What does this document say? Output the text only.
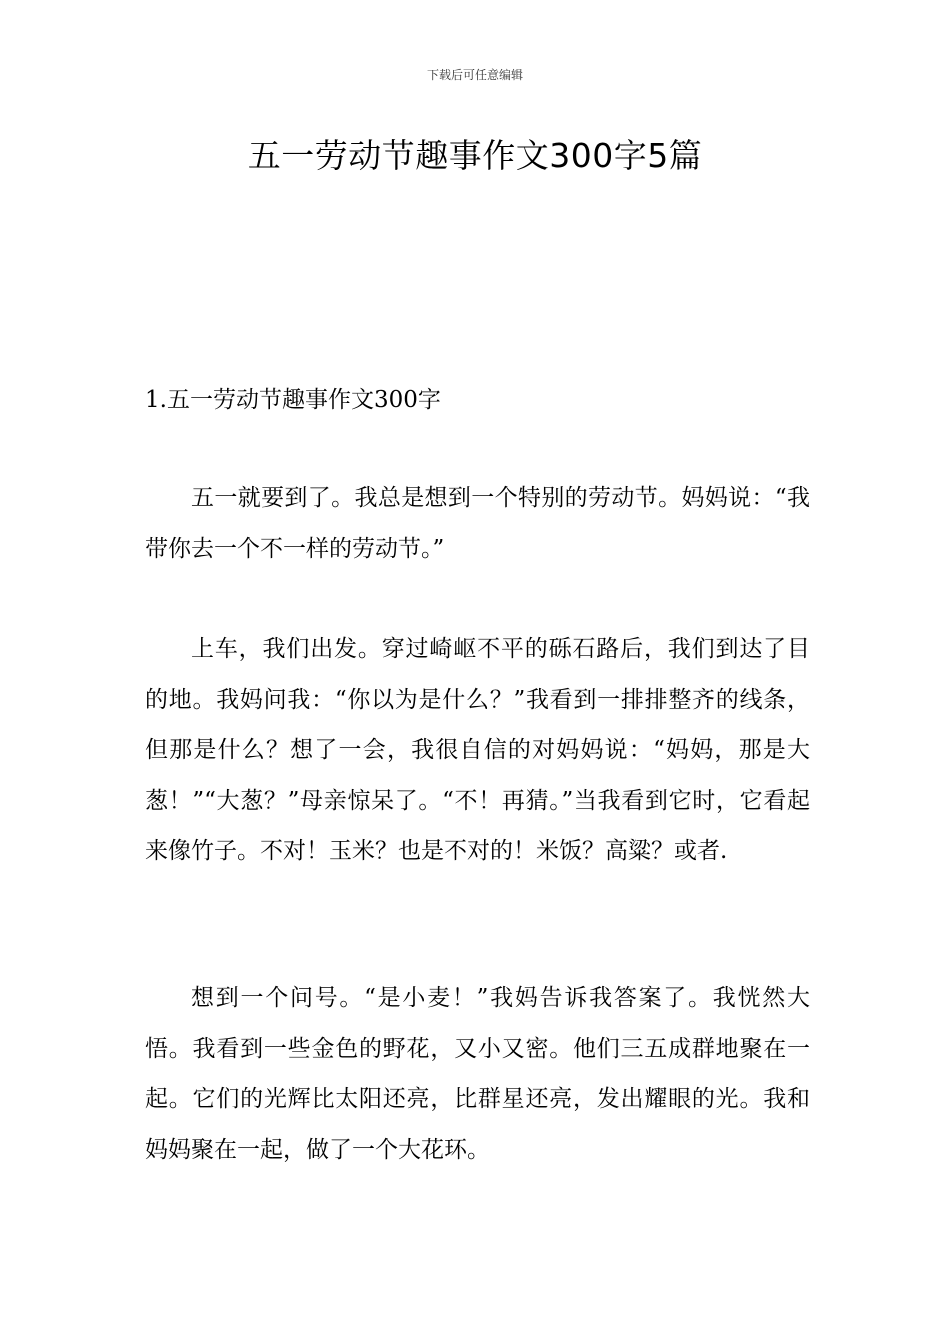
下载后可任意编辑
五一劳动节趣事作文300字5篇
1.五一劳动节趣事作文300字

五一就要到了。我总是想到一个特别的劳动节。妈妈说：“我带你去一个不一样的劳动节。”

上车，我们出发。穿过崎岖不平的砾石路后，我们到达了目的地。我妈问我：“你以为是什么？”我看到一排排整齐的线条，但那是什么？想了一会，我很自信的对妈妈说：“妈妈，那是大葱！”“大葱？”母亲惊呆了。“不！再猜。”当我看到它时，它看起来像竹子。不对！玉米？也是不对的！米饭？高粱？或者.

想到一个问号。“是小麦！”我妈告诉我答案了。我恍然大悟。我看到一些金色的野花，又小又密。他们三五成群地聚在一起。它们的光辉比太阳还亮，比群星还亮，发出耀眼的光。我和妈妈聚在一起，做了一个大花环。
